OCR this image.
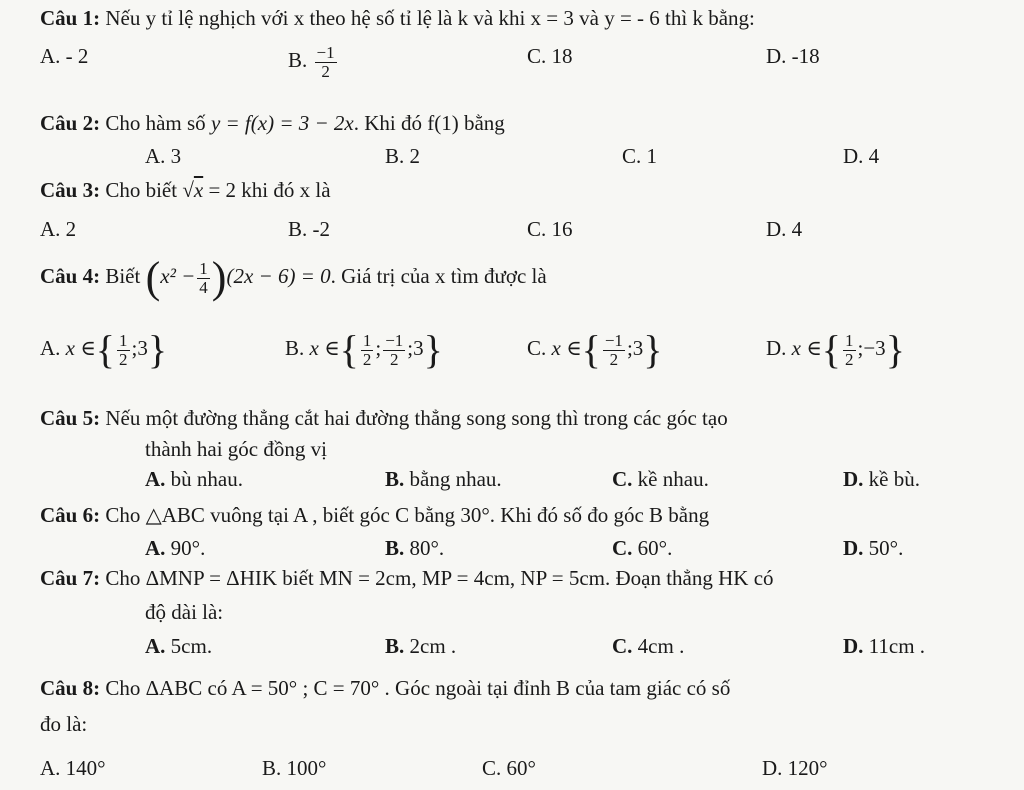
Câu 1: Nếu y tỉ lệ nghịch với x theo hệ số tỉ lệ là k và khi x = 3 và y = - 6 thì k bằng:
A. - 2	B. $\frac{-1}{2}$	C. 18	D. -18
Câu 2: Cho hàm số y = f(x) = 3 − 2x. Khi đó f(1) bằng
A. 3	B. 2	C. 1	D. 4
Câu 3: Cho biết √x = 2 khi đó x là
A. 2	B. -2	C. 16	D. 4
Câu 4: Biết $(x^2 - \frac{1}{4} )(2x - 6) = 0$. Giá trị của x tìm được là
A. x ∈{ $\frac{1}{2}$ ;3}	B. x ∈{ $\frac{1}{2}$ ; $\frac{-1}{2}$ ;3}	C. x ∈{ $\frac{-1}{2}$ ;3}	D. x ∈{ $\frac{1}{2}$ ;−3}
Câu 5: Nếu một đường thẳng cắt hai đường thẳng song song thì trong các góc tạo
thành hai góc đồng vị
A. bù nhau.	B. bằng nhau.	C. kề nhau.	D. kề bù.
Câu 6: Cho △ABC vuông tại A , biết góc C bằng 30°. Khi đó số đo góc B bằng
A. 90°.	B. 80°.	C. 60°.	D. 50°.
Câu 7: Cho ΔMNP = ΔHIK biết MN = 2cm, MP = 4cm, NP = 5cm. Đoạn thẳng HK có
độ dài là:
A. 5cm.	B. 2cm .	C. 4cm .	D. 11cm .
Câu 8: Cho ΔABC có A = 50° ; C = 70° . Góc ngoài tại đỉnh B của tam giác có số
đo là:
A. 140°	B. 100°	C. 60°	D. 120°
